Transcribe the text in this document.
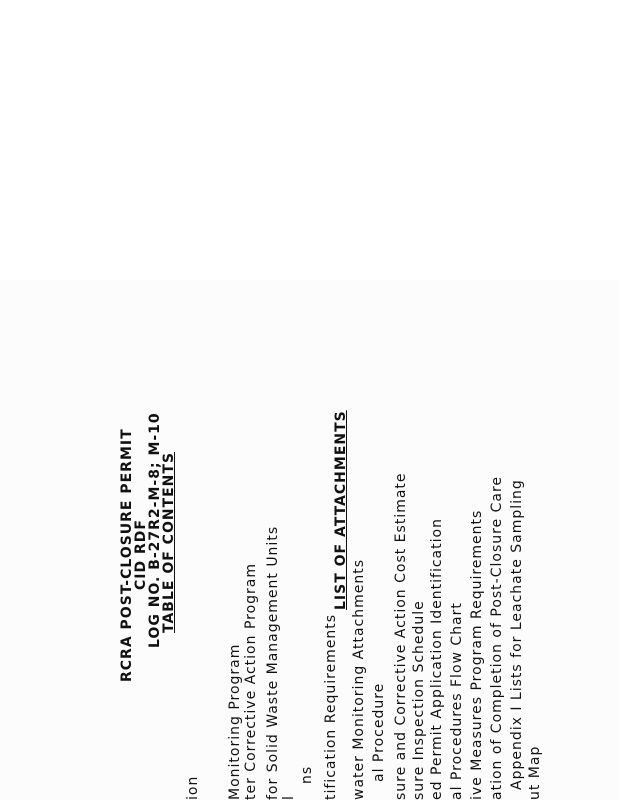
RCRA POST-CLOSURE PERMIT
CID RDF
LOG NO. B-27R2-M-8; M-10
TABLE OF CONTENTS
ion Monitoring Program ter Corrective Action Program for Solid Waste Management Units l
ns tification Requirements
LIST OF ATTACHMENTS
water Monitoring Attachments al Procedure sure and Corrective Action Cost Estimate sure Inspection Schedule ed Permit Application Identification al Procedures Flow Chart ive Measures Program Requirements ation of Completion of Post-Closure Care Appendix I Lists for Leachate Sampling ut Map
